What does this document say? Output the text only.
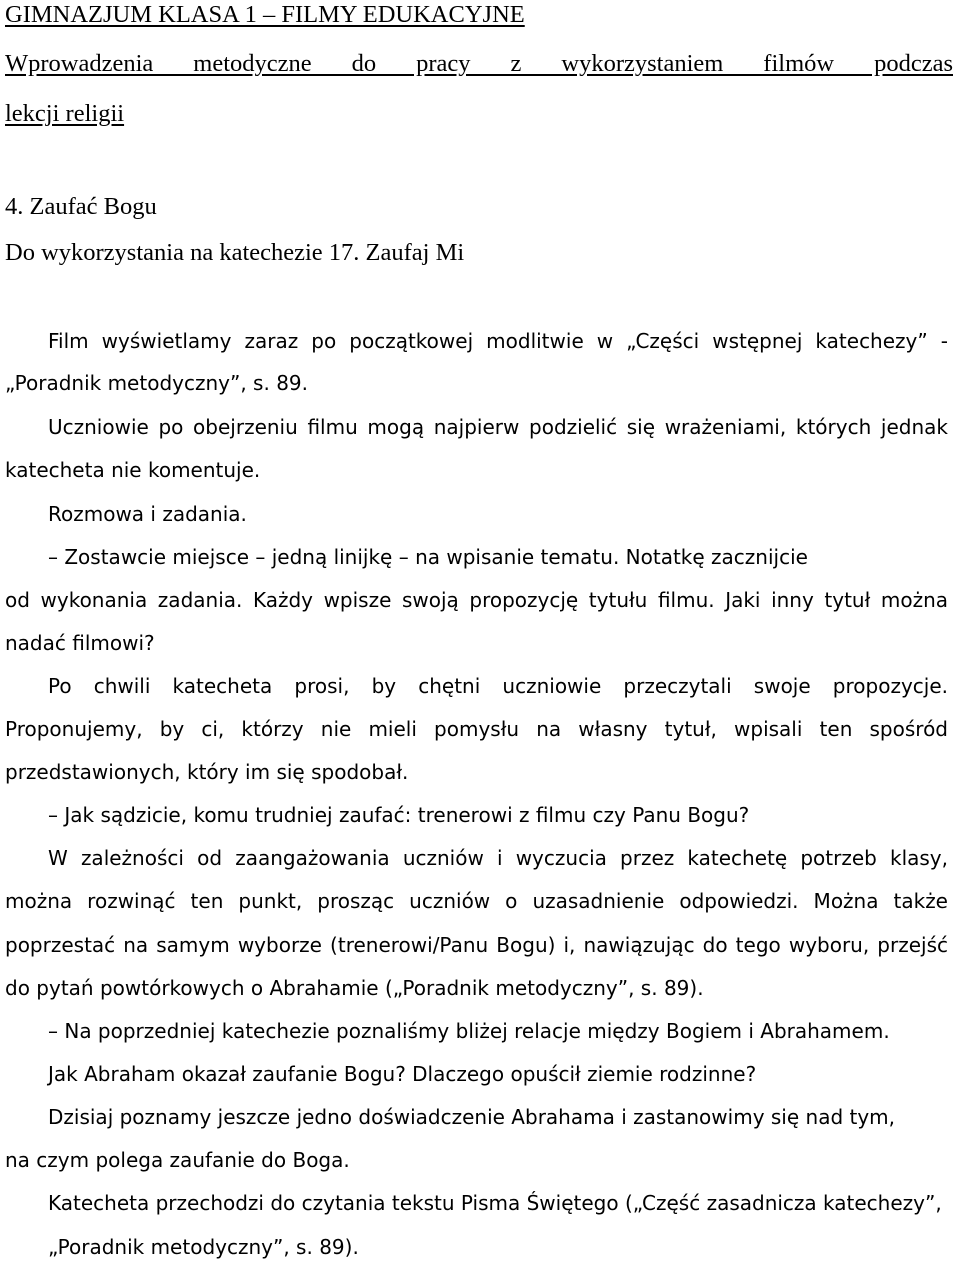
GIMNAZJUM KLASA 1 – FILMY EDUKACYJNE
Wprowadzenia metodyczne do pracy z wykorzystaniem filmów podczas
lekcji religii
4. Zaufać Bogu
Do wykorzystania na katechezie 17. Zaufaj Mi
Film wyświetlamy zaraz po początkowej modlitwie w „Części wstępnej katechezy” -
„Poradnik metodyczny”, s. 89.
Uczniowie po obejrzeniu filmu mogą najpierw podzielić się wrażeniami, których jednak
katecheta nie komentuje.
Rozmowa i zadania.
– Zostawcie miejsce – jedną linijkę – na wpisanie tematu. Notatkę zacznijcie
od wykonania zadania. Każdy wpisze swoją propozycję tytułu filmu. Jaki inny tytuł można
nadać filmowi?
Po chwili katecheta prosi, by chętni uczniowie przeczytali swoje propozycje.
Proponujemy, by ci, którzy nie mieli pomysłu na własny tytuł, wpisali ten spośród
przedstawionych, który im się spodobał.
– Jak sądzicie, komu trudniej zaufać: trenerowi z filmu czy Panu Bogu?
W zależności od zaangażowania uczniów i wyczucia przez katechetę potrzeb klasy,
można rozwinąć ten punkt, prosząc uczniów o uzasadnienie odpowiedzi. Można także
poprzestać na samym wyborze (trenerowi/Panu Bogu) i, nawiązując do tego wyboru, przejść
do pytań powtórkowych o Abrahamie („Poradnik metodyczny”, s. 89).
– Na poprzedniej katechezie poznaliśmy bliżej relacje między Bogiem i Abrahamem.
Jak Abraham okazał zaufanie Bogu? Dlaczego opuścił ziemie rodzinne?
Dzisiaj poznamy jeszcze jedno doświadczenie Abrahama i zastanowimy się nad tym,
na czym polega zaufanie do Boga.
Katecheta przechodzi do czytania tekstu Pisma Świętego („Część zasadnicza katechezy”,
„Poradnik metodyczny”, s. 89).
